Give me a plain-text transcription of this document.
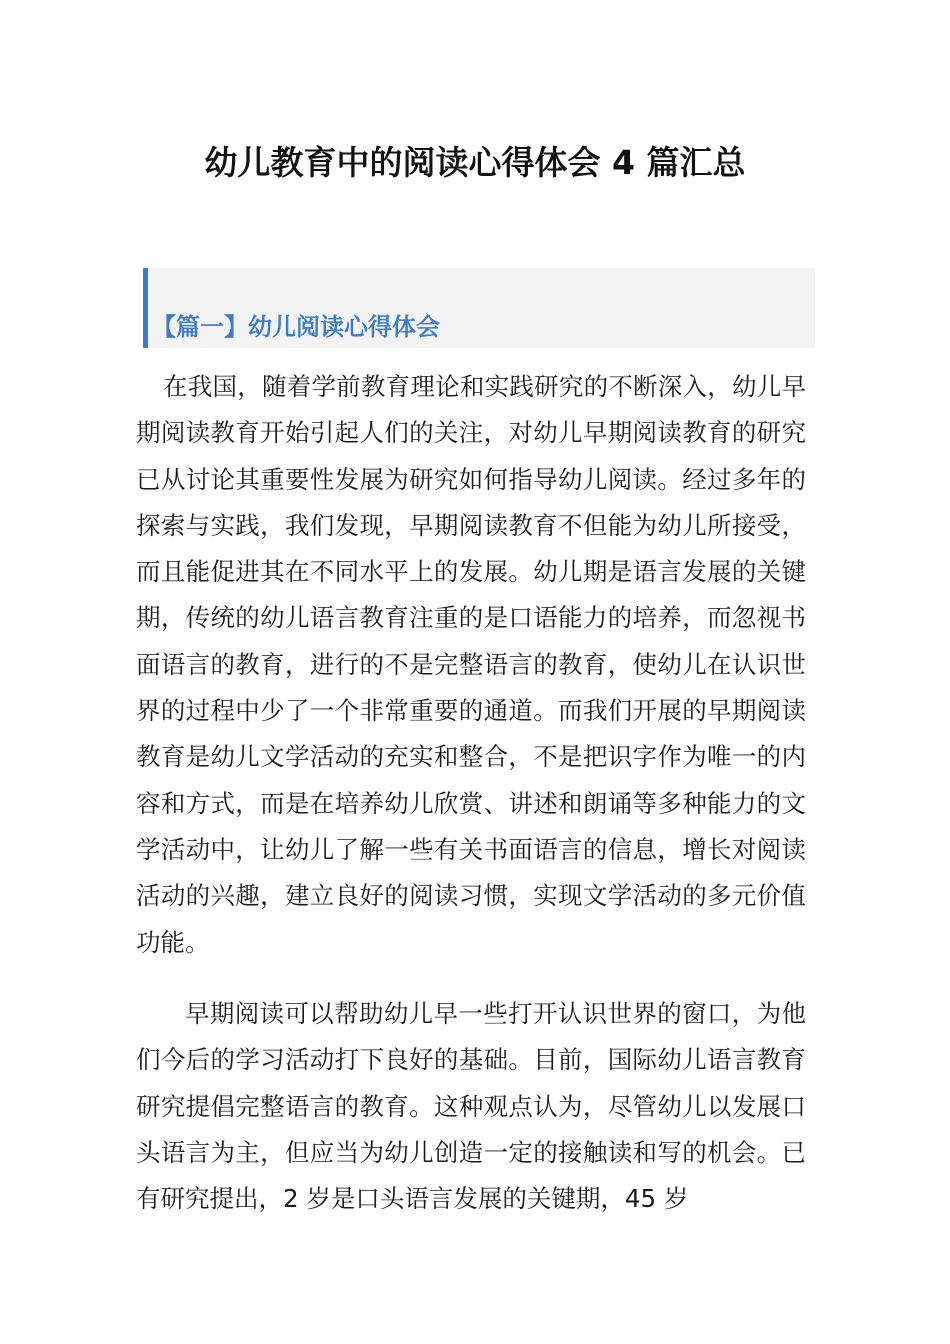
幼儿教育中的阅读心得体会 4 篇汇总
【篇一】幼儿阅读心得体会

在我国，随着学前教育理论和实践研究的不断深入，幼儿早期阅读教育开始引起人们的关注，对幼儿早期阅读教育的研究已从讨论其重要性发展为研究如何指导幼儿阅读。经过多年的探索与实践，我们发现，早期阅读教育不但能为幼儿所接受，而且能促进其在不同水平上的发展。幼儿期是语言发展的关键期，传统的幼儿语言教育注重的是口语能力的培养，而忽视书面语言的教育，进行的不是完整语言的教育，使幼儿在认识世界的过程中少了一个非常重要的通道。而我们开展的早期阅读教育是幼儿文学活动的充实和整合，不是把识字作为唯一的内容和方式，而是在培养幼儿欣赏、讲述和朗诵等多种能力的文学活动中，让幼儿了解一些有关书面语言的信息，增长对阅读活动的兴趣，建立良好的阅读习惯，实现文学活动的多元价值功能。

早期阅读可以帮助幼儿早一些打开认识世界的窗口，为他们今后的学习活动打下良好的基础。目前，国际幼儿语言教育研究提倡完整语言的教育。这种观点认为，尽管幼儿以发展口头语言为主，但应当为幼儿创造一定的接触读和写的机会。已有研究提出，2 岁是口头语言发展的关键期，45 岁
